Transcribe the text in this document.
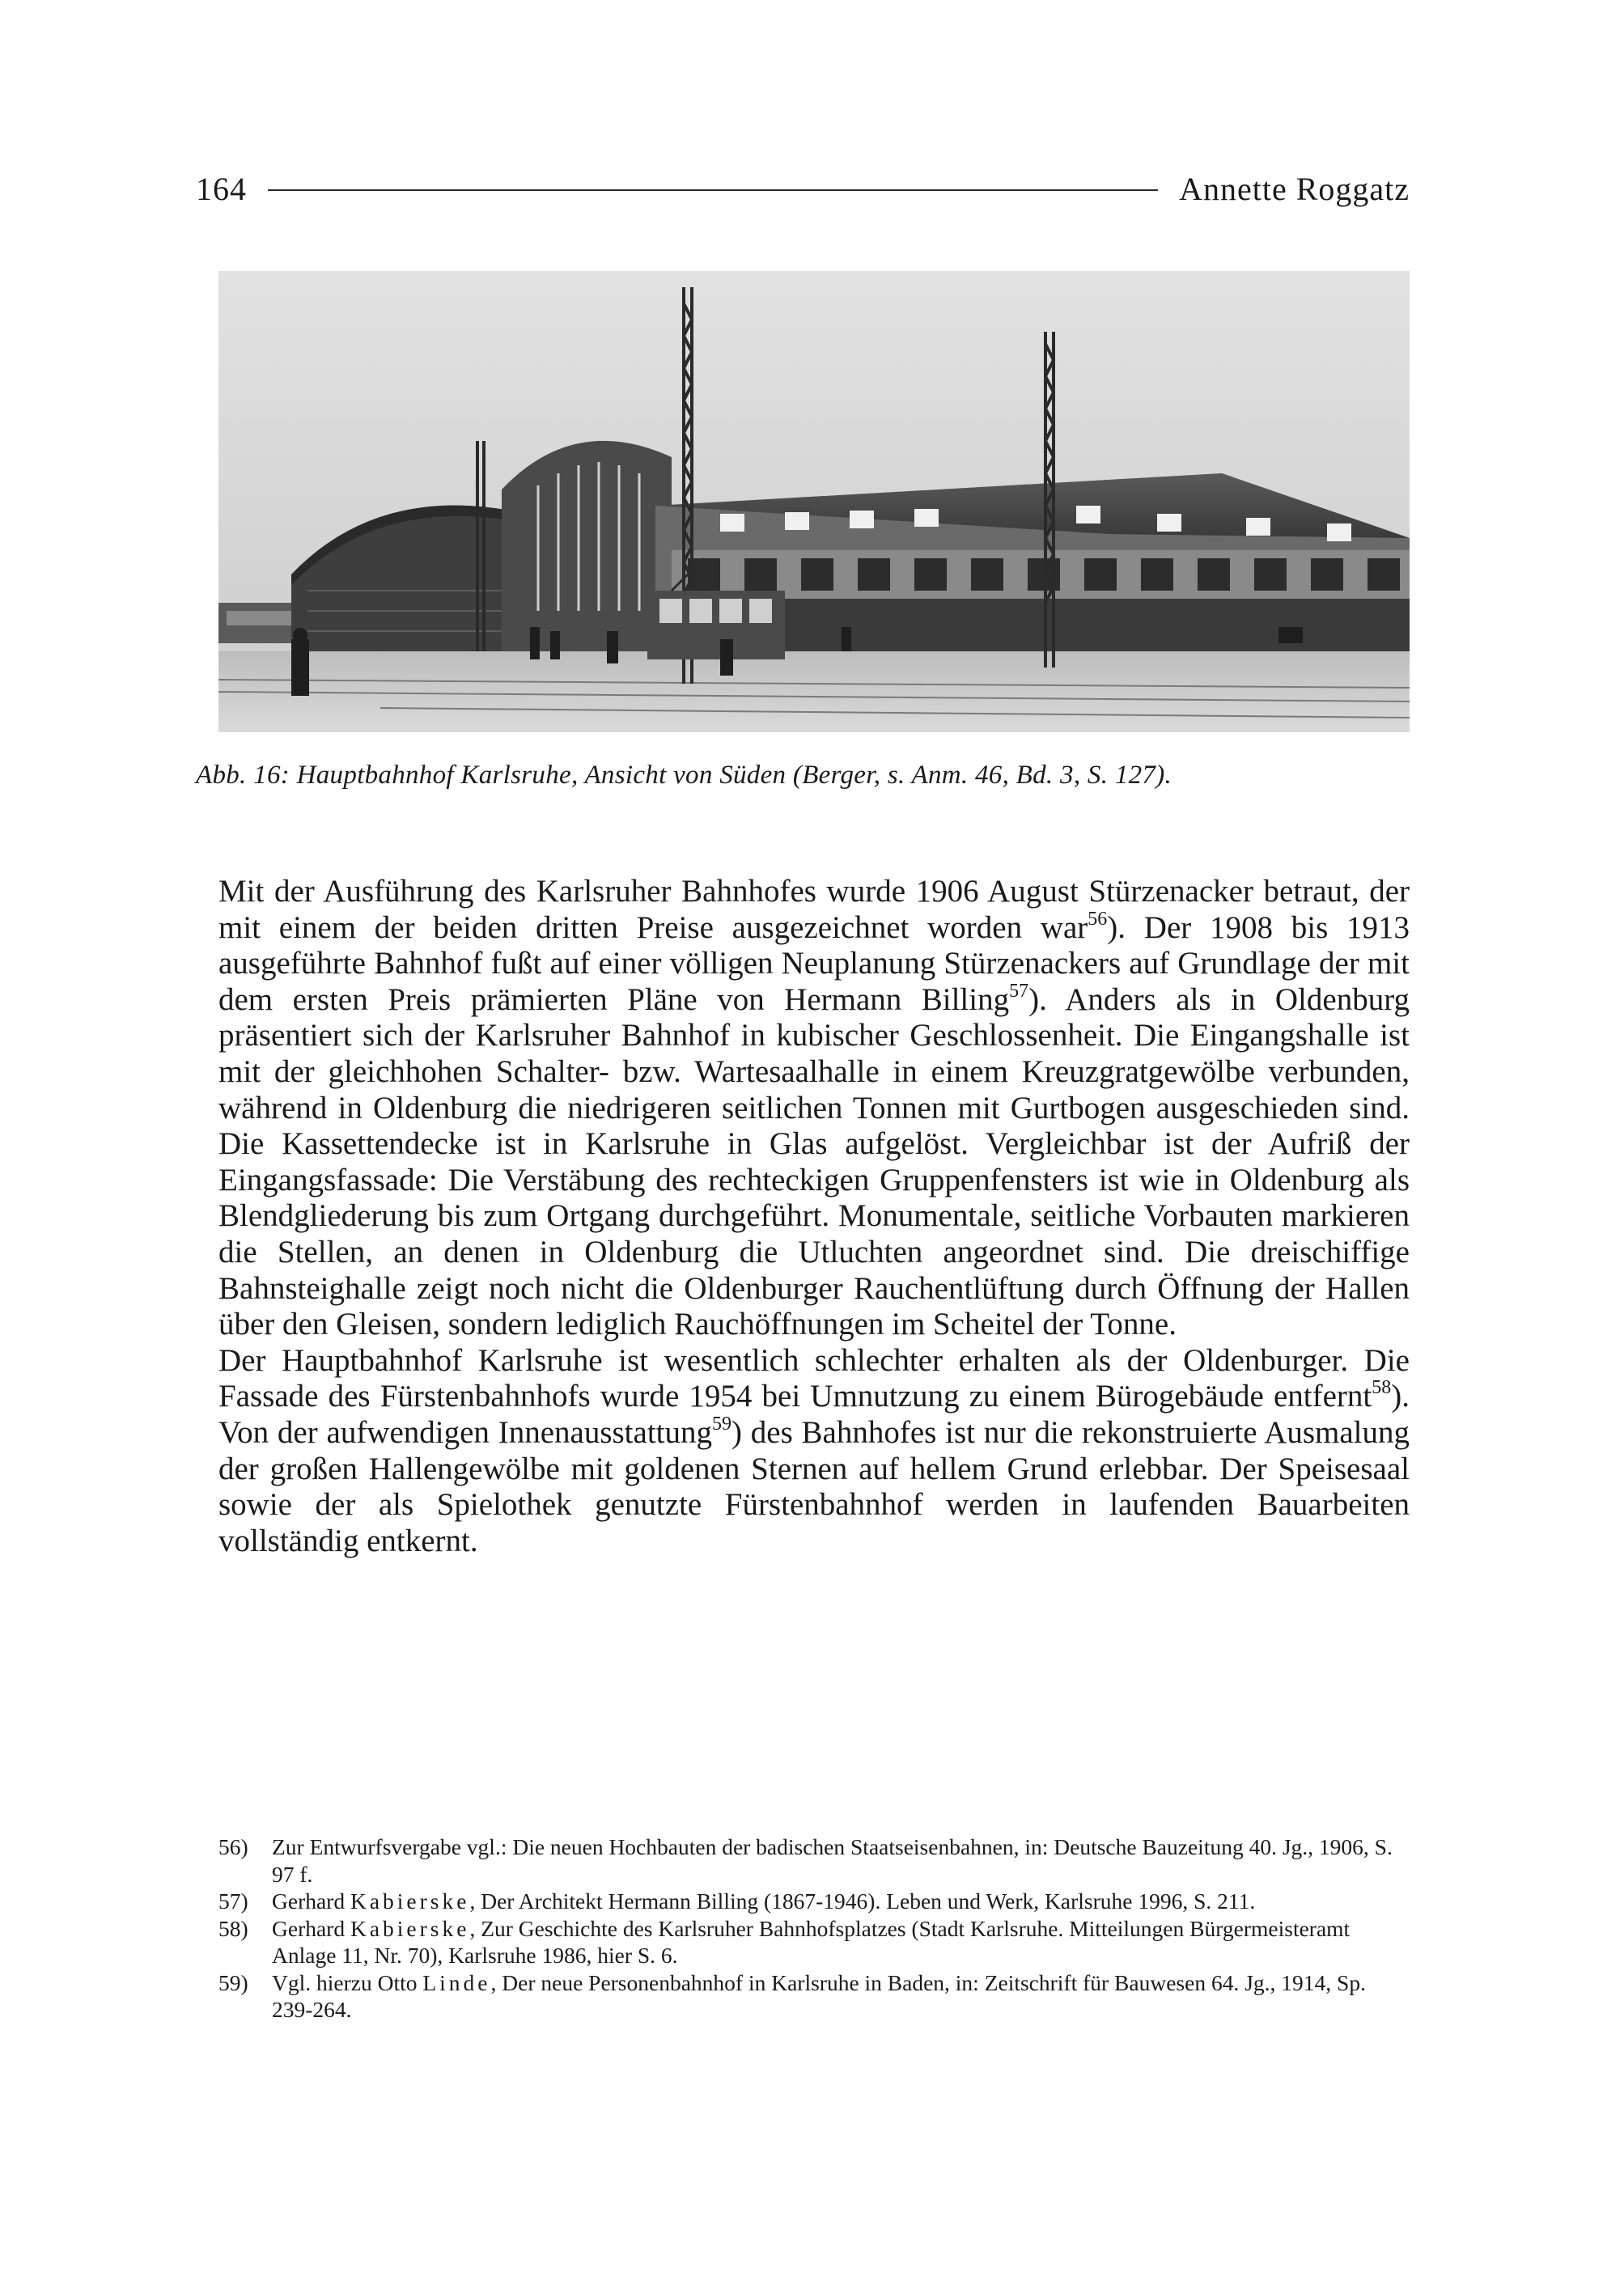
164	Annette Roggatz
Abb. 16: Hauptbahnhof Karlsruhe, Ansicht von Süden (Berger, s. Anm. 46, Bd. 3, S. 127).

Mit der Ausführung des Karlsruher Bahnhofes wurde 1906 August Stürzenacker betraut, der mit einem der beiden dritten Preise ausgezeichnet worden war$^{56}$). Der 1908 bis 1913 ausgeführte Bahnhof fußt auf einer völligen Neuplanung Stürzenackers auf Grundlage der mit dem ersten Preis prämierten Pläne von Hermann Billing$^{57}$). Anders als in Oldenburg präsentiert sich der Karlsruher Bahnhof in kubischer Geschlossenheit. Die Eingangshalle ist mit der gleichhohen Schalter- bzw. Wartesaalhalle in einem Kreuzgratgewölbe verbunden, während in Oldenburg die niedrigeren seitlichen Tonnen mit Gurtbogen ausgeschieden sind. Die Kassettendecke ist in Karlsruhe in Glas aufgelöst. Vergleichbar ist der Aufriß der Eingangsfassade: Die Verstäbung des rechteckigen Gruppenfensters ist wie in Oldenburg als Blendgliederung bis zum Ortgang durchgeführt. Monumentale, seitliche Vorbauten markieren die Stellen, an denen in Oldenburg die Utluchten angeordnet sind. Die dreischiffige Bahnsteighalle zeigt noch nicht die Oldenburger Rauchentlüftung durch Öffnung der Hallen über den Gleisen, sondern lediglich Rauchöffnungen im Scheitel der Tonne.

Der Hauptbahnhof Karlsruhe ist wesentlich schlechter erhalten als der Oldenburger. Die Fassade des Fürstenbahnhofs wurde 1954 bei Umnutzung zu einem Bürogebäude entfernt$^{58}$). Von der aufwendigen Innenausstattung$^{59}$) des Bahnhofes ist nur die rekonstruierte Ausmalung der großen Hallengewölbe mit goldenen Sternen auf hellem Grund erlebbar. Der Speisesaal sowie der als Spielothek genutzte Fürstenbahnhof werden in laufenden Bauarbeiten vollständig entkernt.

56)	Zur Entwurfsvergabe vgl.: Die neuen Hochbauten der badischen Staatseisenbahnen, in: Deutsche Bauzeitung 40. Jg., 1906, S. 97 f.
57)	Gerhard Kabierske, Der Architekt Hermann Billing (1867-1946). Leben und Werk, Karlsruhe 1996, S. 211.
58)	Gerhard Kabierske, Zur Geschichte des Karlsruher Bahnhofsplatzes (Stadt Karlsruhe. Mitteilungen Bürgermeisteramt Anlage 11, Nr. 70), Karlsruhe 1986, hier S. 6.
59)	Vgl. hierzu Otto Linde, Der neue Personenbahnhof in Karlsruhe in Baden, in: Zeitschrift für Bauwesen 64. Jg., 1914, Sp. 239-264.
